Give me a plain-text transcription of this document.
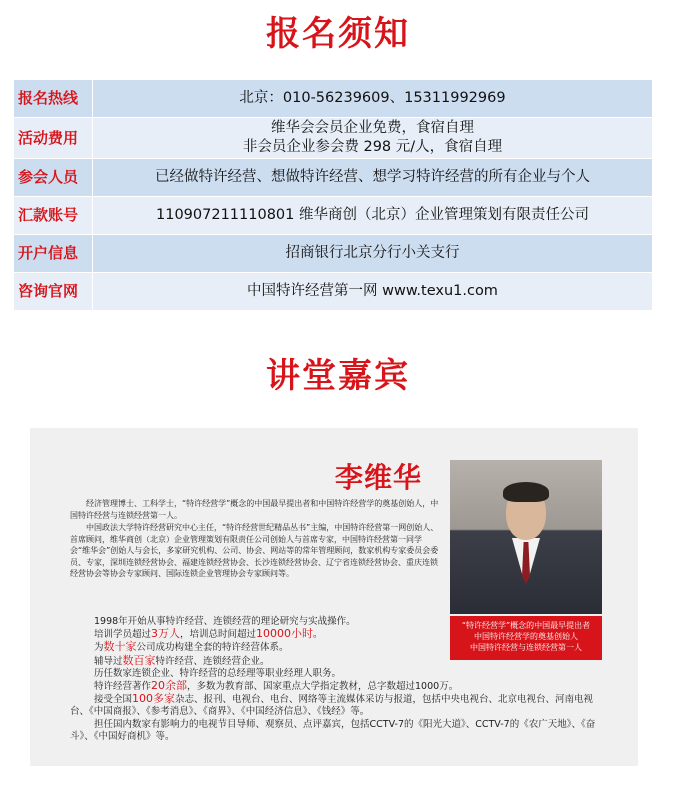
报名须知
报名热线	北京：010-56239609、15311992969

活动费用	维华会会员企业免费，食宿自理
非会员企业参会费 298 元/人，食宿自理

参会人员	已经做特许经营、想做特许经营、想学习特许经营的所有企业与个人

汇款账号	110907211110801 维华商创（北京）企业管理策划有限责任公司

开户信息	招商银行北京分行小关支行

咨询官网	中国特许经营第一网 www.texu1.com
讲堂嘉宾
李维华
“特许经营学”概念的中国最早提出者
中国特许经营学的奠基创始人
中国特许经营与连锁经营第一人

经济管理博士、工科学士，“特许经营学”概念的中国最早提出者和中国特许经营学的奠基创始人，中国特许经营与连锁经营第一人。

中国政法大学特许经营研究中心主任，“特许经营世纪精品丛书”主编，中国特许经营第一网创始人、首席顾问，维华商创（北京）企业管理策划有限责任公司创始人与首席专家，中国特许经营第一同学会“维华会”创始人与会长，多家研究机构、公司、协会、网站等的常年管理顾问，数家机构专家委员会委员、专家，深圳连锁经营协会、福建连锁经营协会、长沙连锁经营协会、辽宁省连锁经营协会、重庆连锁经营协会等协会专家顾问、国际连锁企业管理协会专家顾问等。

1998年开始从事特许经营、连锁经营的理论研究与实战操作。
培训学员超过3万人，培训总时间超过10000小时。
为数十家公司成功构建全套的特许经营体系。
辅导过数百家特许经营、连锁经营企业。
历任数家连锁企业、特许经营的总经理等职业经理人职务。
特许经营著作20余部，多数为教育部、国家重点大学指定教材，总字数超过1000万。
接受全国100多家杂志、报刊、电视台、电台、网络等主流媒体采访与报道，包括中央电视台、北京电视台、河南电视台、《中国商报》、《参考消息》、《商界》、《中国经济信息》、《钱经》等。
担任国内数家有影响力的电视节目导师、观察员、点评嘉宾，包括CCTV-7的《阳光大道》、CCTV-7的《农广天地》、《奋斗》、《中国好商机》等。
